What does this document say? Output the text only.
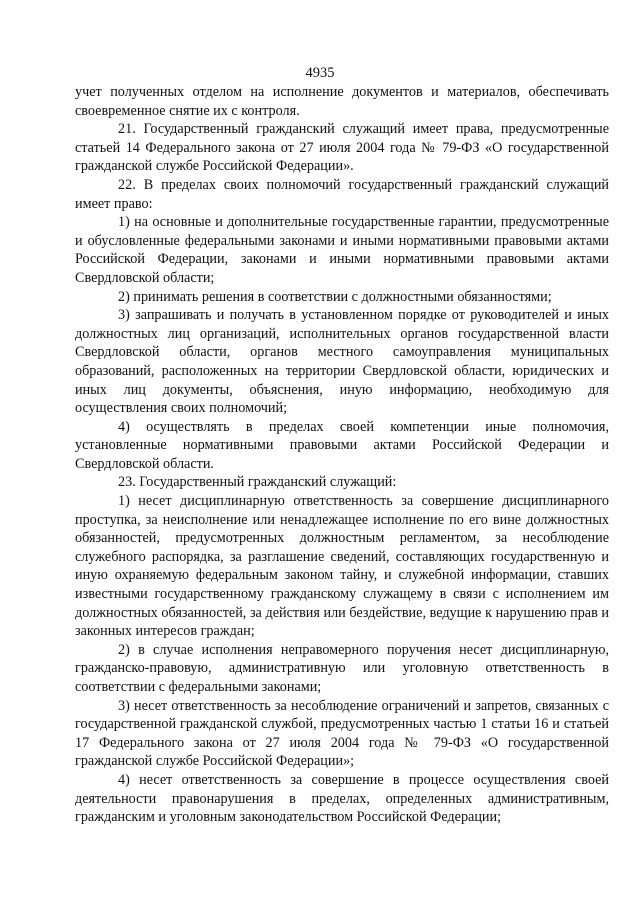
4935

учет полученных отделом на исполнение документов и материалов, обеспечивать своевременное снятие их с контроля.

21. Государственный гражданский служащий имеет права, предусмотренные статьей 14 Федерального закона от 27 июля 2004 года № 79-ФЗ «О государственной гражданской службе Российской Федерации».

22. В пределах своих полномочий государственный гражданский служащий имеет право:

1) на основные и дополнительные государственные гарантии, предусмотренные и обусловленные федеральными законами и иными нормативными правовыми актами Российской Федерации, законами и иными нормативными правовыми актами Свердловской области;

2) принимать решения в соответствии с должностными обязанностями;

3) запрашивать и получать в установленном порядке от руководителей и иных должностных лиц организаций, исполнительных органов государственной власти Свердловской области, органов местного самоуправления муниципальных образований, расположенных на территории Свердловской области, юридических и иных лиц документы, объяснения, иную информацию, необходимую для осуществления своих полномочий;

4) осуществлять в пределах своей компетенции иные полномочия, установленные нормативными правовыми актами Российской Федерации и Свердловской области.

23. Государственный гражданский служащий:

1) несет дисциплинарную ответственность за совершение дисциплинарного проступка, за неисполнение или ненадлежащее исполнение по его вине должностных обязанностей, предусмотренных должностным регламентом, за несоблюдение служебного распорядка, за разглашение сведений, составляющих государственную и иную охраняемую федеральным законом тайну, и служебной информации, ставших известными государственному гражданскому служащему в связи с исполнением им должностных обязанностей, за действия или бездействие, ведущие к нарушению прав и законных интересов граждан;

2) в случае исполнения неправомерного поручения несет дисциплинарную, гражданско-правовую, административную или уголовную ответственность в соответствии с федеральными законами;

3) несет ответственность за несоблюдение ограничений и запретов, связанных с государственной гражданской службой, предусмотренных частью 1 статьи 16 и статьей 17 Федерального закона от 27 июля 2004 года № 79-ФЗ «О государственной гражданской службе Российской Федерации»;

4) несет ответственность за совершение в процессе осуществления своей деятельности правонарушения в пределах, определенных административным, гражданским и уголовным законодательством Российской Федерации;
